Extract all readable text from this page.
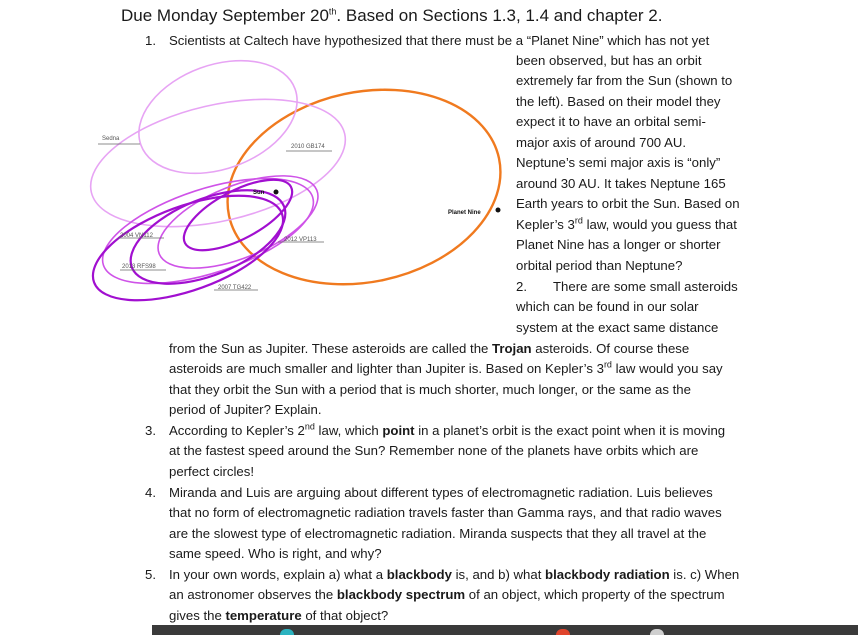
Due Monday September 20th. Based on Sections 1.3, 1.4 and chapter 2.
Sedna
2010 GB174
Sun
Planet Nine
2004 VN112
2012 VP113
2013 RFS98
2007 TG422
1. Scientists at Caltech have hypothesized that there must be a “Planet Nine” which has not yet
been observed, but has an orbit
extremely far from the Sun (shown to
the left). Based on their model they
expect it to have an orbital semi-
major axis of around 700 AU.
Neptune’s semi major axis is “only”
around 30 AU. It takes Neptune 165
Earth years to orbit the Sun. Based on
Kepler’s 3rd law, would you guess that
Planet Nine has a longer or shorter
orbital period than Neptune?
2. There are some small asteroids
which can be found in our solar
system at the exact same distance
from the Sun as Jupiter. These asteroids are called the Trojan asteroids. Of course these
asteroids are much smaller and lighter than Jupiter is. Based on Kepler’s 3rd law would you say
that they orbit the Sun with a period that is much shorter, much longer, or the same as the
period of Jupiter? Explain.
3. According to Kepler’s 2nd law, which point in a planet’s orbit is the exact point when it is moving
at the fastest speed around the Sun? Remember none of the planets have orbits which are
perfect circles!
4. Miranda and Luis are arguing about different types of electromagnetic radiation. Luis believes
that no form of electromagnetic radiation travels faster than Gamma rays, and that radio waves
are the slowest type of electromagnetic radiation. Miranda suspects that they all travel at the
same speed. Who is right, and why?
5. In your own words, explain a) what a blackbody is, and b) what blackbody radiation is. c) When
an astronomer observes the blackbody spectrum of an object, which property of the spectrum
gives the temperature of that object?
